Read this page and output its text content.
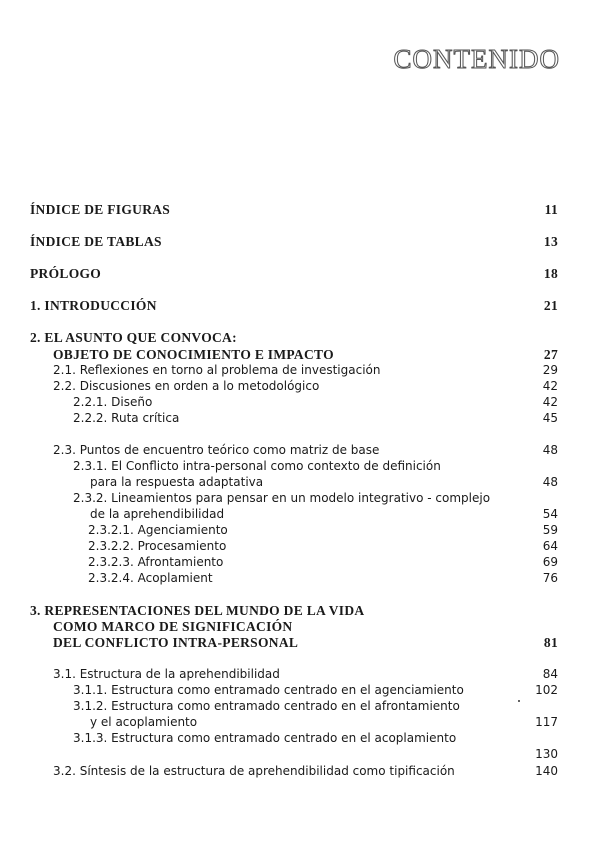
CONTENIDO
ÍNDICE DE FIGURAS	11
ÍNDICE DE TABLAS	13
PRÓLOGO	18
1. INTRODUCCIÓN	21
2. EL ASUNTO QUE CONVOCA:
OBJETO DE CONOCIMIENTO E IMPACTO	27
2.1. Reflexiones en torno al problema de investigación	29
2.2. Discusiones en orden a lo metodológico	42
2.2.1. Diseño	42
2.2.2. Ruta crítica	45
2.3. Puntos de encuentro teórico como matriz de base	48
2.3.1. El Conflicto intra-personal como contexto de definición
para la respuesta adaptativa	48
2.3.2. Lineamientos para pensar en un modelo integrativo - complejo
de la aprehendibilidad	54
2.3.2.1. Agenciamiento	59
2.3.2.2. Procesamiento	64
2.3.2.3. Afrontamiento	69
2.3.2.4. Acoplamient	76
3. REPRESENTACIONES DEL MUNDO DE LA VIDA
COMO MARCO DE SIGNIFICACIÓN
DEL CONFLICTO INTRA-PERSONAL	81
3.1. Estructura de la aprehendibilidad	84
3.1.1. Estructura como entramado centrado en el agenciamiento	102
3.1.2. Estructura como entramado centrado en el afrontamiento
y el acoplamiento	117
3.1.3. Estructura como entramado centrado en el acoplamiento
130
3.2. Síntesis de la estructura de aprehendibilidad como tipificación	140
